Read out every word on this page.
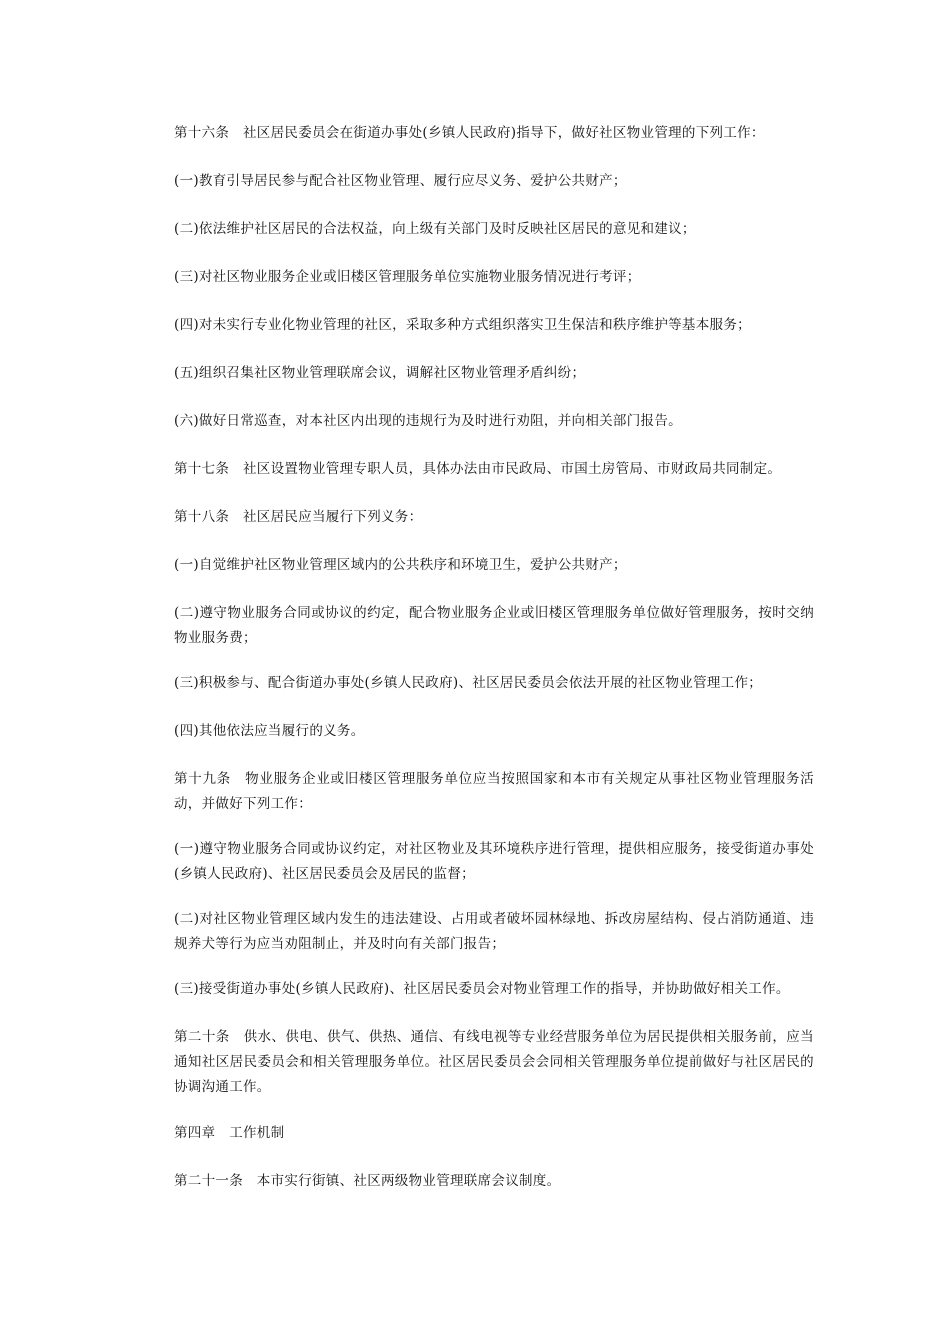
第十六条　社区居民委员会在街道办事处(乡镇人民政府)指导下，做好社区物业管理的下列工作：

(一)教育引导居民参与配合社区物业管理、履行应尽义务、爱护公共财产；

(二)依法维护社区居民的合法权益，向上级有关部门及时反映社区居民的意见和建议；

(三)对社区物业服务企业或旧楼区管理服务单位实施物业服务情况进行考评；

(四)对未实行专业化物业管理的社区，采取多种方式组织落实卫生保洁和秩序维护等基本服务；

(五)组织召集社区物业管理联席会议，调解社区物业管理矛盾纠纷；

(六)做好日常巡查，对本社区内出现的违规行为及时进行劝阻，并向相关部门报告。

第十七条　社区设置物业管理专职人员，具体办法由市民政局、市国土房管局、市财政局共同制定。

第十八条　社区居民应当履行下列义务：

(一)自觉维护社区物业管理区域内的公共秩序和环境卫生，爱护公共财产；

(二)遵守物业服务合同或协议的约定，配合物业服务企业或旧楼区管理服务单位做好管理服务，按时交纳物业服务费；

(三)积极参与、配合街道办事处(乡镇人民政府)、社区居民委员会依法开展的社区物业管理工作；

(四)其他依法应当履行的义务。

第十九条　物业服务企业或旧楼区管理服务单位应当按照国家和本市有关规定从事社区物业管理服务活动，并做好下列工作：

(一)遵守物业服务合同或协议约定，对社区物业及其环境秩序进行管理，提供相应服务，接受街道办事处(乡镇人民政府)、社区居民委员会及居民的监督；

(二)对社区物业管理区域内发生的违法建设、占用或者破坏园林绿地、拆改房屋结构、侵占消防通道、违规养犬等行为应当劝阻制止，并及时向有关部门报告；

(三)接受街道办事处(乡镇人民政府)、社区居民委员会对物业管理工作的指导，并协助做好相关工作。

第二十条　供水、供电、供气、供热、通信、有线电视等专业经营服务单位为居民提供相关服务前，应当通知社区居民委员会和相关管理服务单位。社区居民委员会会同相关管理服务单位提前做好与社区居民的协调沟通工作。

第四章　工作机制

第二十一条　本市实行街镇、社区两级物业管理联席会议制度。
